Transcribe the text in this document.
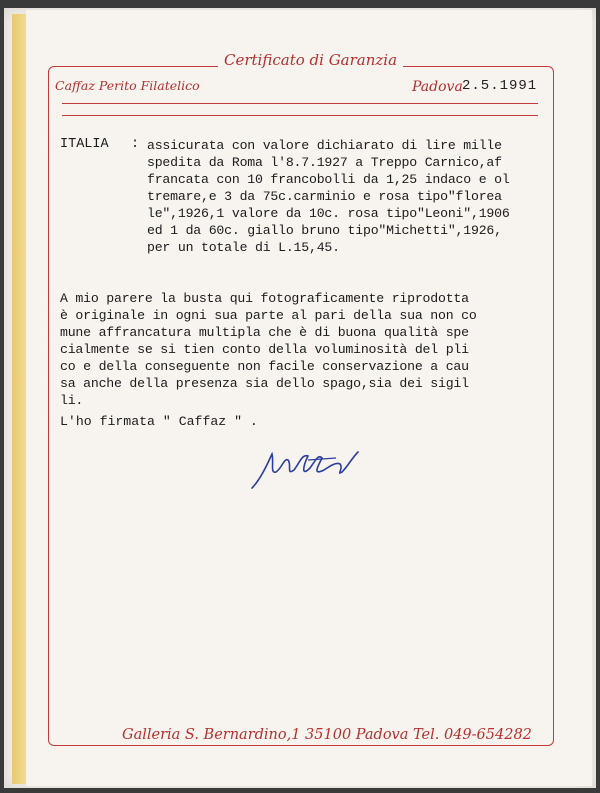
Certificato di Garanzia
Caffaz Perito Filatelico	Padova 2.5.1991
ITALIA : assicurata con valore dichiarato di lire mille
spedita da Roma l'8.7.1927 a Treppo Carnico,af
francata con 10 francobolli da 1,25 indaco e ol
tremare,e 3 da 75c.carminio e rosa tipo"florea
le",1926,1 valore da 10c. rosa tipo"Leoni",1906
ed 1 da 60c. giallo bruno tipo"Michetti",1926,
per un totale di L.15,45.
A mio parere la busta qui fotograficamente riprodotta
è originale in ogni sua parte al pari della sua non co
mune affrancatura multipla che è di buona qualità spe
cialmente se si tien conto della voluminosità del pli
co e della conseguente non facile conservazione a cau
sa anche della presenza sia dello spago,sia dei sigil
li.
L'ho firmata " Caffaz " .
Galleria S. Bernardino,1 35100 Padova Tel. 049-654282
